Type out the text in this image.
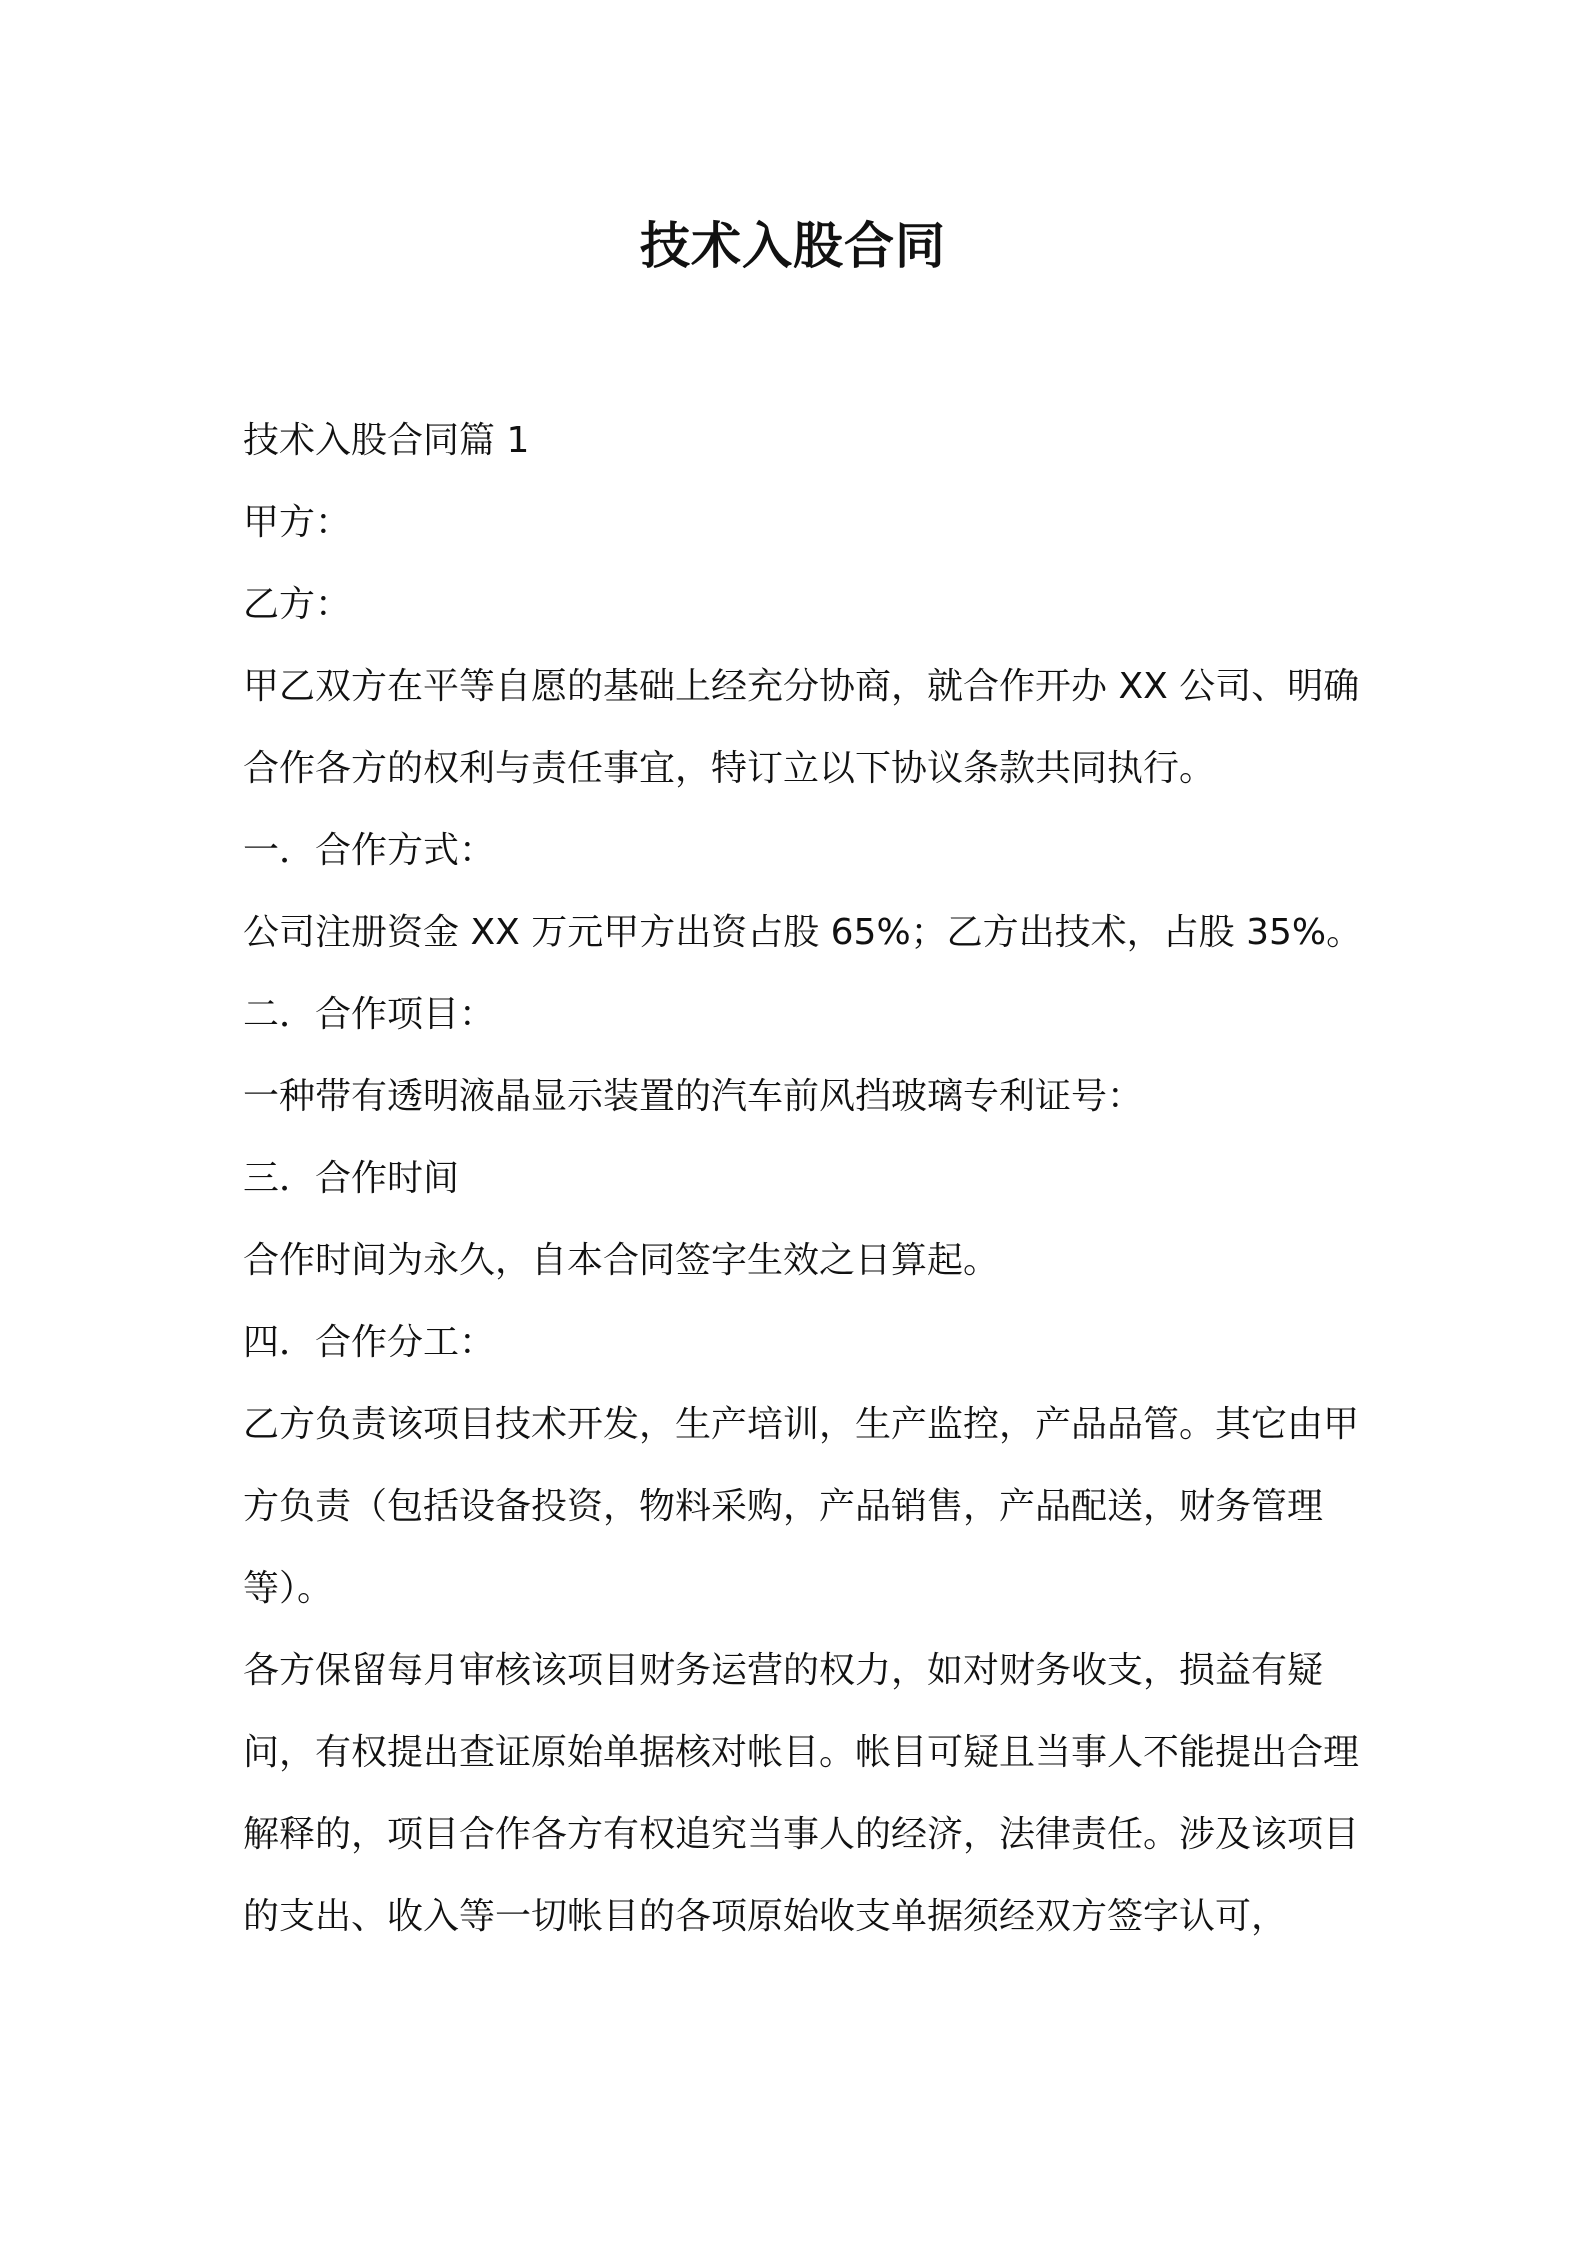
技术入股合同

技术入股合同篇 1

甲方：

乙方：

甲乙双方在平等自愿的基础上经充分协商，就合作开办 XX 公司、明确合作各方的权利与责任事宜，特订立以下协议条款共同执行。

一．合作方式：

公司注册资金 XX 万元甲方出资占股 65%；乙方出技术，占股 35%。

二．合作项目：

一种带有透明液晶显示装置的汽车前风挡玻璃专利证号：

三．合作时间

合作时间为永久，自本合同签字生效之日算起。

四．合作分工：

乙方负责该项目技术开发，生产培训，生产监控，产品品管。其它由甲方负责（包括设备投资，物料采购，产品销售，产品配送，财务管理等）。

各方保留每月审核该项目财务运营的权力，如对财务收支，损益有疑问，有权提出查证原始单据核对帐目。帐目可疑且当事人不能提出合理解释的，项目合作各方有权追究当事人的经济，法律责任。涉及该项目的支出、收入等一切帐目的各项原始收支单据须经双方签字认可，
